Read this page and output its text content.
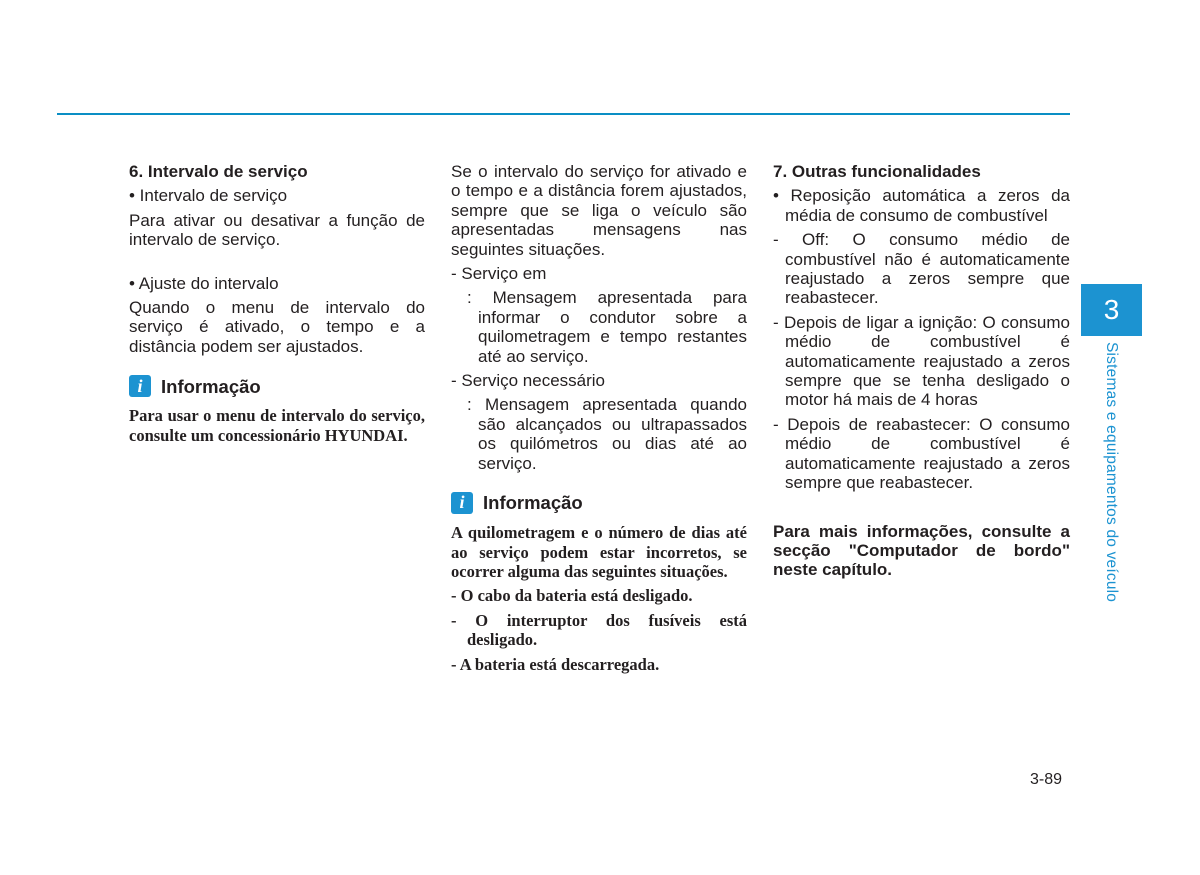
6. Intervalo de serviço
• Intervalo de serviço
Para ativar ou desativar a função de intervalo de serviço.
• Ajuste do intervalo
Quando o menu de intervalo do serviço é ativado, o tempo e a distância podem ser ajustados.
i	Informação
Para usar o menu de intervalo do serviço, consulte um concessionário HYUNDAI.
Se o intervalo do serviço for ativado e o tempo e a distância forem ajustados, sempre que se liga o veículo são apresentadas mensagens nas seguintes situações.
- Serviço em
: Mensagem apresentada para informar o condutor sobre a quilometragem e tempo restantes até ao serviço.
- Serviço necessário
: Mensagem apresentada quando são alcançados ou ultrapassados os quilómetros ou dias até ao serviço.
i	Informação
A quilometragem e o número de dias até ao serviço podem estar incorretos, se ocorrer alguma das seguintes situações.
- O cabo da bateria está desligado.
- O interruptor dos fusíveis está desligado.
- A bateria está descarregada.
7. Outras funcionalidades
• Reposição automática a zeros da média de consumo de combustível
- Off: O consumo médio de combustível não é automaticamente reajustado a zeros sempre que reabastecer.
- Depois de ligar a ignição: O consumo médio de combustível é automaticamente reajustado a zeros sempre que se tenha desligado o motor há mais de 4 horas
- Depois de reabastecer: O consumo médio de combustível é automaticamente reajustado a zeros sempre que reabastecer.
Para mais informações, consulte a secção "Computador de bordo" neste capítulo.
3
Sistemas e equipamentos do veículo
3-89
